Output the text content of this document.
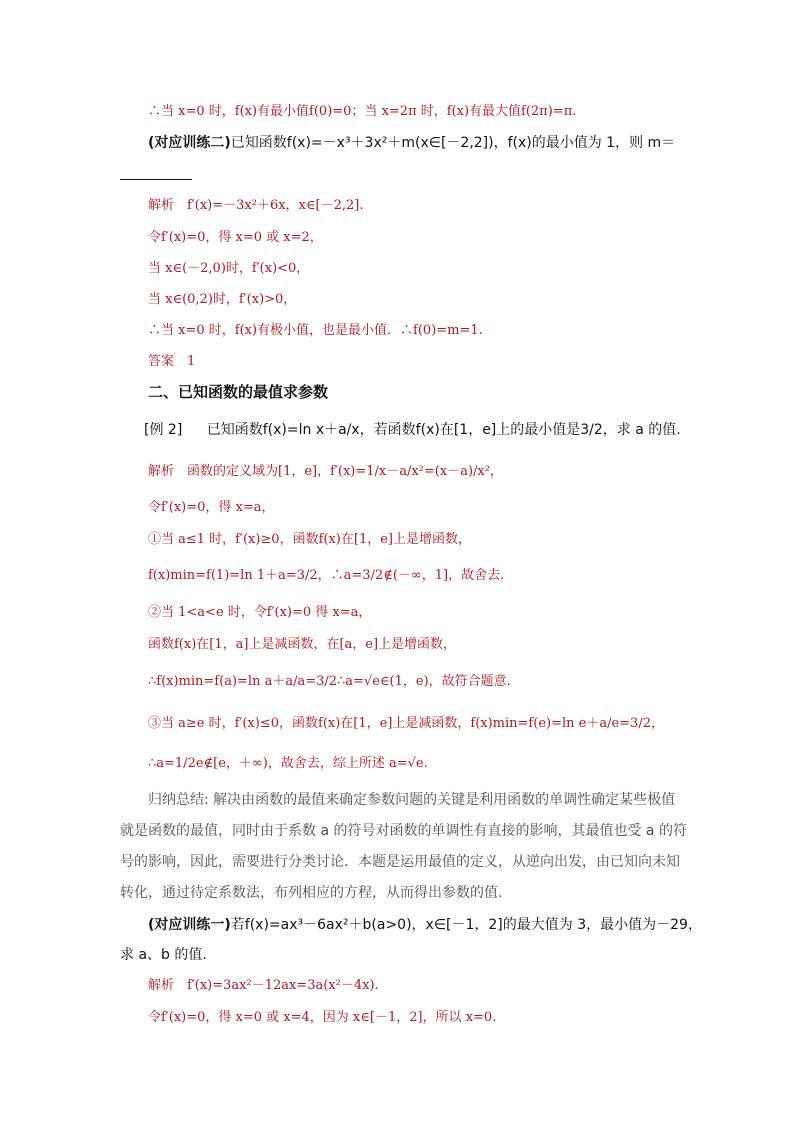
∴当 x=0 时，f(x)有最小值f(0)=0；当 x=2π 时，f(x)有最大值f(2π)=π.
(对应训练二)已知函数f(x)=－x³＋3x²＋m(x∈[－2,2])，f(x)的最小值为 1，则 m＝
解析　f′(x)=－3x²＋6x，x∈[－2,2].
令f′(x)=0，得 x=0 或 x=2，
当 x∈(－2,0)时，f′(x)<0，
当 x∈(0,2)时，f′(x)>0，
∴当 x=0 时，f(x)有极小值，也是最小值．∴f(0)=m=1.
答案　1
二、已知函数的最值求参数
[例 2] 已知函数f(x)=ln x＋a/x，若函数f(x)在[1，e]上的最小值是3/2，求 a 的值.
解析　函数的定义域为[1，e]，f′(x)=1/x－a/x²=(x－a)/x²，
令f′(x)=0，得 x=a，
①当 a≤1 时，f′(x)≥0，函数f(x)在[1，e]上是增函数，
f(x)min=f(1)=ln 1＋a=3/2，∴a=3/2∉(－∞，1]，故舍去.
②当 1<a<e 时，令f′(x)=0 得 x=a，
函数f(x)在[1，a]上是减函数，在[a，e]上是增函数，
∴f(x)min=f(a)=ln a＋a/a=3/2∴a=√e∈(1，e)，故符合题意.
③当 a≥e 时，f′(x)≤0，函数f(x)在[1，e]上是减函数，f(x)min=f(e)=ln e＋a/e=3/2，
∴a=1/2e∉[e，＋∞)，故舍去，综上所述 a=√e.
归纳总结: 解决由函数的最值来确定参数问题的关键是利用函数的单调性确定某些极值
就是函数的最值，同时由于系数 a 的符号对函数的单调性有直接的影响，其最值也受 a 的符
号的影响，因此，需要进行分类讨论．本题是运用最值的定义，从逆向出发，由已知向未知
转化，通过待定系数法，布列相应的方程，从而得出参数的值.
(对应训练一)若f(x)=ax³－6ax²＋b(a>0)，x∈[－1，2]的最大值为 3，最小值为－29，
求 a、b 的值.
解析　f′(x)=3ax²－12ax=3a(x²－4x).
令f′(x)=0，得 x=0 或 x=4，因为 x∈[－1，2]，所以 x=0.
